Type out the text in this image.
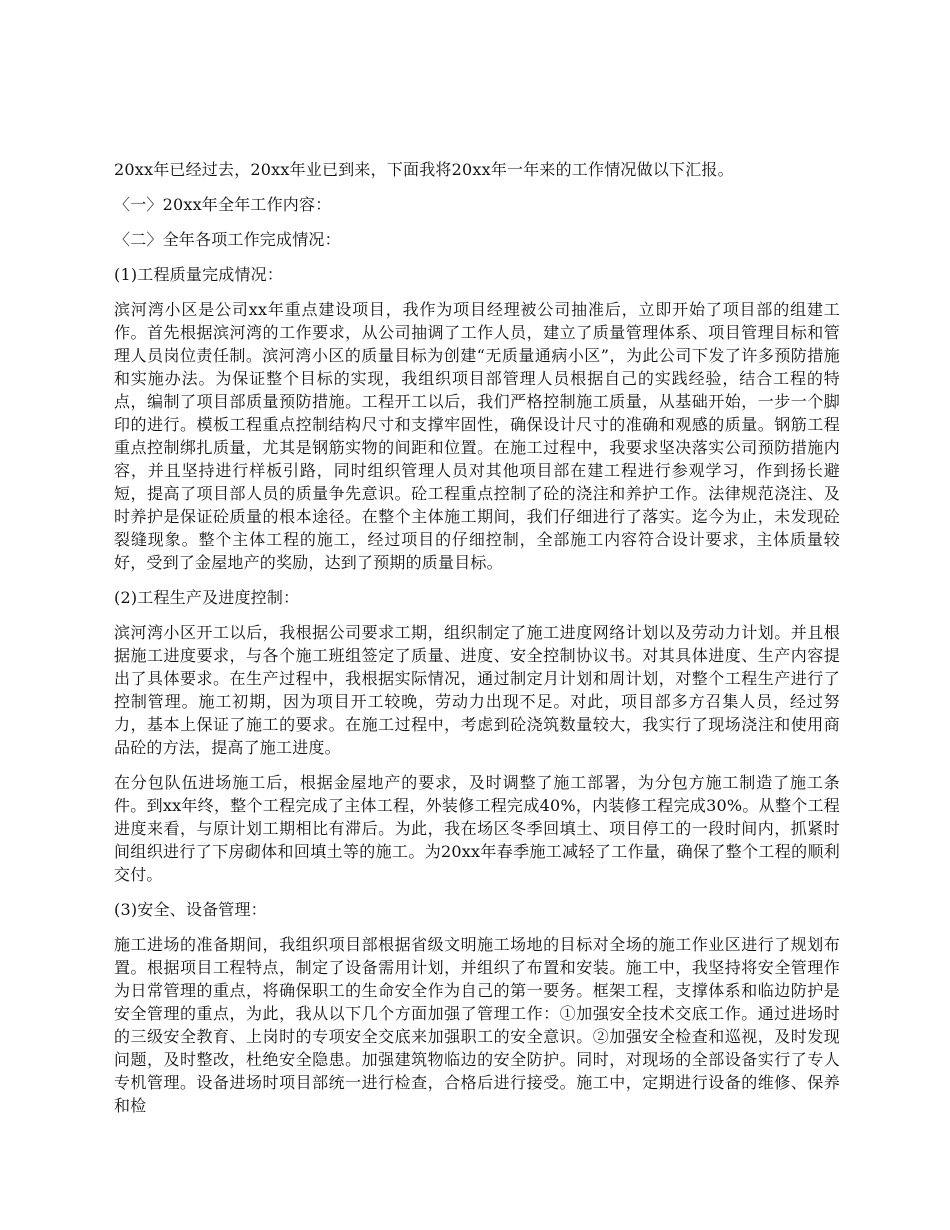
20xx年已经过去，20xx年业已到来，下面我将20xx年一年来的工作情况做以下汇报。

〈一〉20xx年全年工作内容：

〈二〉全年各项工作完成情况：

(1)工程质量完成情况：

滨河湾小区是公司xx年重点建设项目，我作为项目经理被公司抽准后，立即开始了项目部的组建工作。首先根据滨河湾的工作要求，从公司抽调了工作人员，建立了质量管理体系、项目管理目标和管理人员岗位责任制。滨河湾小区的质量目标为创建“无质量通病小区”，为此公司下发了许多预防措施和实施办法。为保证整个目标的实现，我组织项目部管理人员根据自己的实践经验，结合工程的特点，编制了项目部质量预防措施。工程开工以后，我们严格控制施工质量，从基础开始，一步一个脚印的进行。模板工程重点控制结构尺寸和支撑牢固性，确保设计尺寸的准确和观感的质量。钢筋工程重点控制绑扎质量，尤其是钢筋实物的间距和位置。在施工过程中，我要求坚决落实公司预防措施内容，并且坚持进行样板引路，同时组织管理人员对其他项目部在建工程进行参观学习，作到扬长避短，提高了项目部人员的质量争先意识。砼工程重点控制了砼的浇注和养护工作。法律规范浇注、及时养护是保证砼质量的根本途径。在整个主体施工期间，我们仔细进行了落实。迄今为止，未发现砼裂缝现象。整个主体工程的施工，经过项目的仔细控制，全部施工内容符合设计要求，主体质量较好，受到了金屋地产的奖励，达到了预期的质量目标。

(2)工程生产及进度控制：

滨河湾小区开工以后，我根据公司要求工期，组织制定了施工进度网络计划以及劳动力计划。并且根据施工进度要求，与各个施工班组签定了质量、进度、安全控制协议书。对其具体进度、生产内容提出了具体要求。在生产过程中，我根据实际情况，通过制定月计划和周计划，对整个工程生产进行了控制管理。施工初期，因为项目开工较晚，劳动力出现不足。对此，项目部多方召集人员，经过努力，基本上保证了施工的要求。在施工过程中，考虑到砼浇筑数量较大，我实行了现场浇注和使用商品砼的方法，提高了施工进度。

在分包队伍进场施工后，根据金屋地产的要求，及时调整了施工部署，为分包方施工制造了施工条件。到xx年终，整个工程完成了主体工程，外装修工程完成40%，内装修工程完成30%。从整个工程进度来看，与原计划工期相比有滞后。为此，我在场区冬季回填土、项目停工的一段时间内，抓紧时间组织进行了下房砌体和回填土等的施工。为20xx年春季施工减轻了工作量，确保了整个工程的顺利交付。

(3)安全、设备管理：

施工进场的准备期间，我组织项目部根据省级文明施工场地的目标对全场的施工作业区进行了规划布置。根据项目工程特点，制定了设备需用计划，并组织了布置和安装。施工中，我坚持将安全管理作为日常管理的重点，将确保职工的生命安全作为自己的第一要务。框架工程，支撑体系和临边防护是安全管理的重点，为此，我从以下几个方面加强了管理工作：①加强安全技术交底工作。通过进场时的三级安全教育、上岗时的专项安全交底来加强职工的安全意识。②加强安全检查和巡视，及时发现问题，及时整改，杜绝安全隐患。加强建筑物临边的安全防护。同时，对现场的全部设备实行了专人专机管理。设备进场时项目部统一进行检查，合格后进行接受。施工中，定期进行设备的维修、保养和检
